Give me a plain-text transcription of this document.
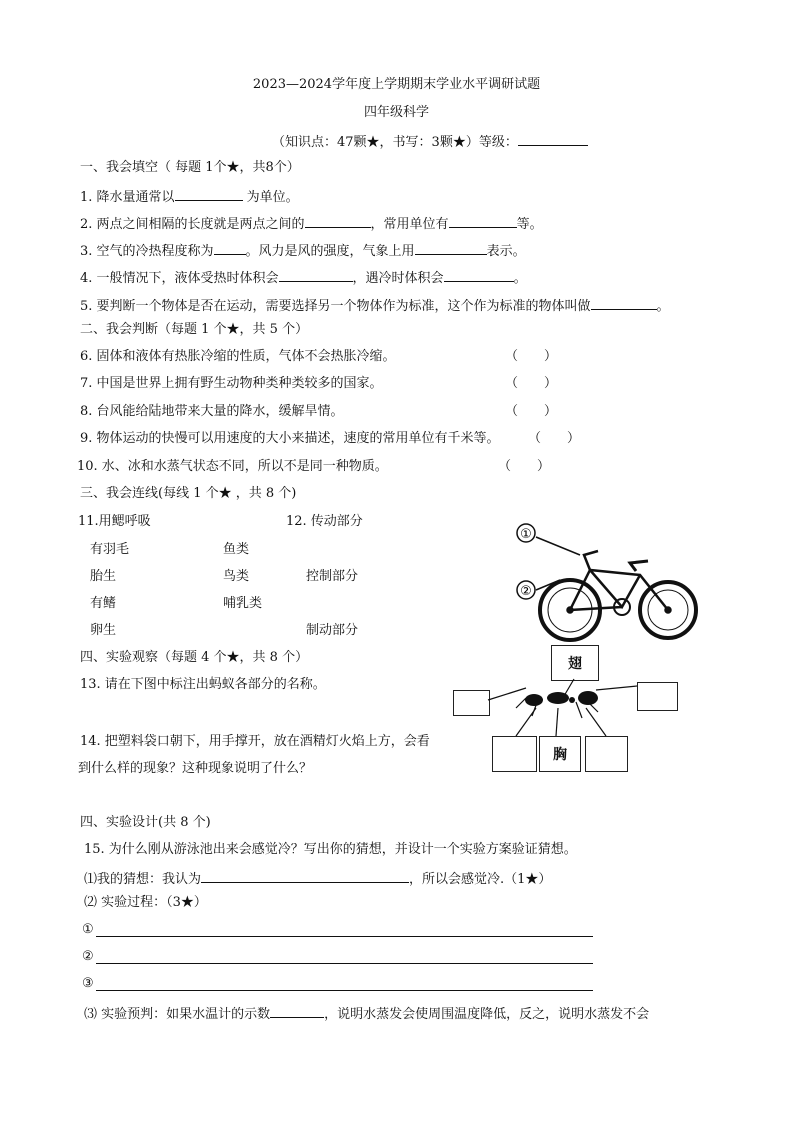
2023—2024学年度上学期期末学业水平调研试题
四年级科学
（知识点：47颗★，书写：3颗★）等级：
一、我会填空（ 每题 1个★，共8个）
1. 降水量通常以	为单位。
2. 两点之间相隔的长度就是两点之间的	，常用单位有	等。
3. 空气的冷热程度称为 。风力是风的强度，气象上用	表示。
4. 一般情况下，液体受热时体积会	，遇冷时体积会	。
5. 要判断一个物体是否在运动，需要选择另一个物体作为标准，这个作为标准的物体叫做	。
二、我会判断（每题 1 个★，共 5 个）
6. 固体和液体有热胀冷缩的性质，气体不会热胀冷缩。	（　　）
7. 中国是世界上拥有野生动物种类种类较多的国家。	（　　）
8. 台风能给陆地带来大量的降水，缓解旱情。	（　　）
9. 物体运动的快慢可以用速度的大小来描述，速度的常用单位有千米等。 （　　）
10. 水、冰和水蒸气状态不同，所以不是同一种物质。	（　　）
三、我会连线(每线 1 个★ ，共 8 个)
11.用鳃呼吸	12. 传动部分
有羽毛
胎生
有鳍
卵生
鱼类
鸟类
哺乳类
控制部分
制动部分
①
②
四、实验观察（每题 4 个★，共 8 个）
13. 请在下图中标注出蚂蚁各部分的名称。
14. 把塑料袋口朝下，用手撑开，放在酒精灯火焰上方，会看
到什么样的现象？这种现象说明了什么？
翅
胸
四、实验设计(共 8 个)
15. 为什么刚从游泳池出来会感觉冷？写出你的猜想，并设计一个实验方案验证猜想。
⑴我的猜想：我认为	，所以会感觉冷.（1★）
⑵ 实验过程：（3★）
①
②
③
⑶ 实验预判：如果水温计的示数	，说明水蒸发会使周围温度降低，反之，说明水蒸发不会
